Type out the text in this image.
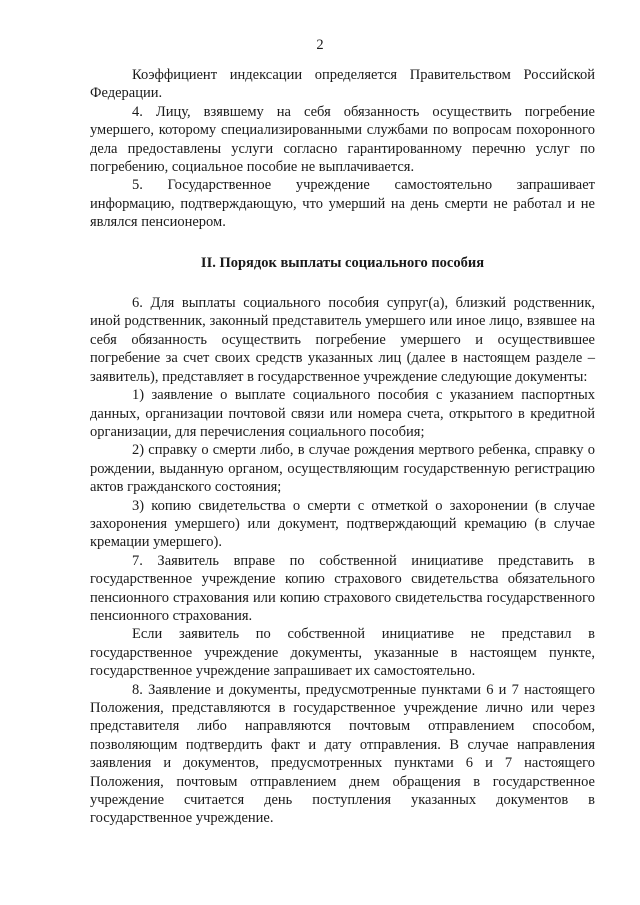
2

Коэффициент индексации определяется Правительством Российской Федерации.

4. Лицу, взявшему на себя обязанность осуществить погребение умершего, которому специализированными службами по вопросам похоронного дела предоставлены услуги согласно гарантированному перечню услуг по погребению, социальное пособие не выплачивается.

5. Государственное учреждение самостоятельно запрашивает информацию, подтверждающую, что умерший на день смерти не работал и не являлся пенсионером.

II. Порядок выплаты социального пособия

6. Для выплаты социального пособия супруг(а), близкий родственник, иной родственник, законный представитель умершего или иное лицо, взявшее на себя обязанность осуществить погребение умершего и осуществившее погребение за счет своих средств указанных лиц (далее в настоящем разделе – заявитель), представляет в государственное учреждение следующие документы:

1) заявление о выплате социального пособия с указанием паспортных данных, организации почтовой связи или номера счета, открытого в кредитной организации, для перечисления социального пособия;

2) справку о смерти либо, в случае рождения мертвого ребенка, справку о рождении, выданную органом, осуществляющим государственную регистрацию актов гражданского состояния;

3) копию свидетельства о смерти с отметкой о захоронении (в случае захоронения умершего) или документ, подтверждающий кремацию (в случае кремации умершего).

7. Заявитель вправе по собственной инициативе представить в государственное учреждение копию страхового свидетельства обязательного пенсионного страхования или копию страхового свидетельства государственного пенсионного страхования.

Если заявитель по собственной инициативе не представил в государственное учреждение документы, указанные в настоящем пункте, государственное учреждение запрашивает их самостоятельно.

8. Заявление и документы, предусмотренные пунктами 6 и 7 настоящего Положения, представляются в государственное учреждение лично или через представителя либо направляются почтовым отправлением способом, позволяющим подтвердить факт и дату отправления. В случае направления заявления и документов, предусмотренных пунктами 6 и 7 настоящего Положения, почтовым отправлением днем обращения в государственное учреждение считается день поступления указанных документов в государственное учреждение.
